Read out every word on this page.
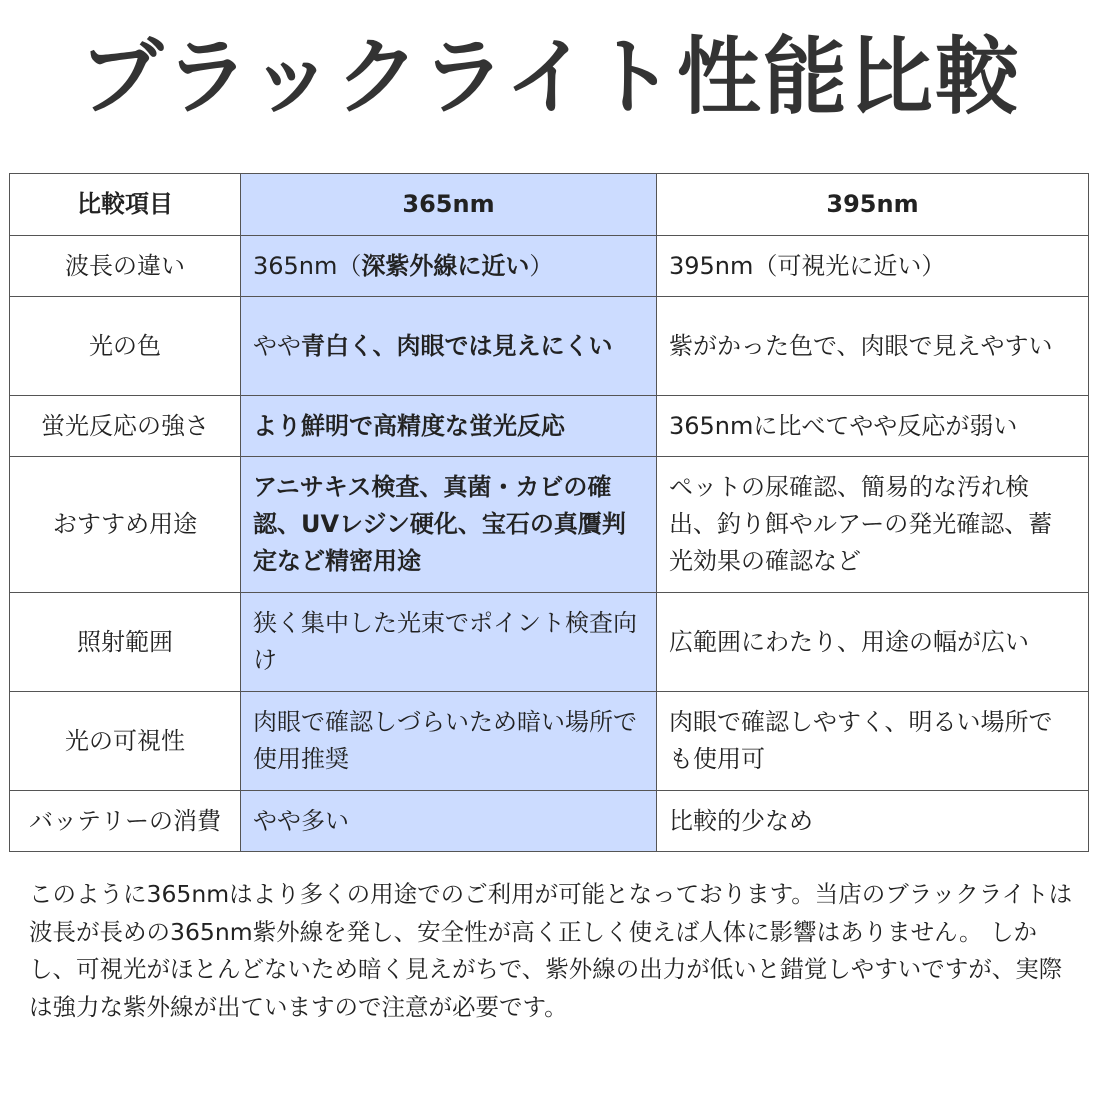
ブラックライト性能比較
比較項目	365nm	395nm
波長の違い	365nm（深紫外線に近い）	395nm（可視光に近い）
光の色	やや青白く、肉眼では見えにくい	紫がかった色で、肉眼で見えやすい
蛍光反応の強さ	より鮮明で高精度な蛍光反応	365nmに比べてやや反応が弱い
おすすめ用途	アニサキス検査、真菌・カビの確認、UVレジン硬化、宝石の真贋判定など精密用途	ペットの尿確認、簡易的な汚れ検出、釣り餌やルアーの発光確認、蓄光効果の確認など
照射範囲	狭く集中した光束でポイント検査向け	広範囲にわたり、用途の幅が広い
光の可視性	肉眼で確認しづらいため暗い場所で使用推奨	肉眼で確認しやすく、明るい場所でも使用可
バッテリーの消費	やや多い	比較的少なめ
このように365nmはより多くの用途でのご利用が可能となっております。当店のブラックライトは波長が長めの365nm紫外線を発し、安全性が高く正しく使えば人体に影響はありません。 しかし、可視光がほとんどないため暗く見えがちで、紫外線の出力が低いと錯覚しやすいですが、実際は強力な紫外線が出ていますので注意が必要です。
